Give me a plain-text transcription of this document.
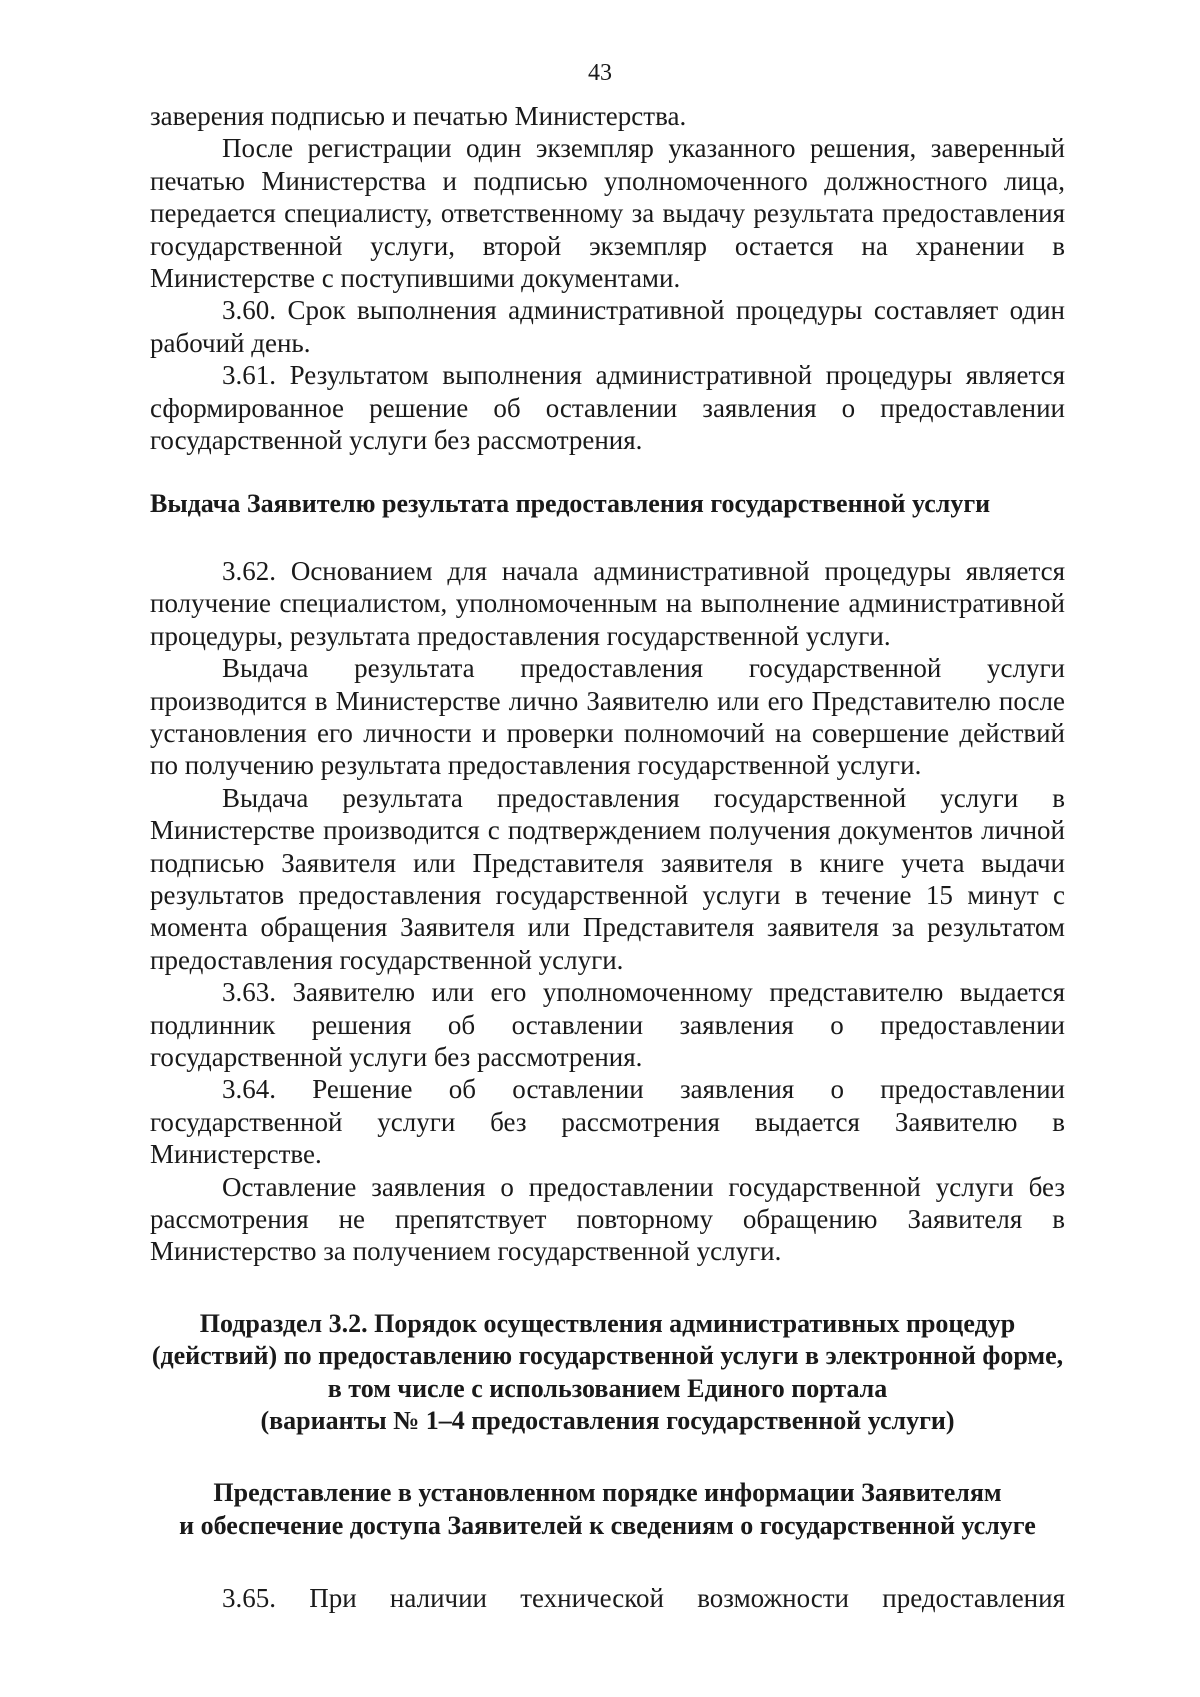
43

заверения подписью и печатью Министерства.

После регистрации один экземпляр указанного решения, заверенный печатью Министерства и подписью уполномоченного должностного лица, передается специалисту, ответственному за выдачу результата предоставления государственной услуги, второй экземпляр остается на хранении в Министерстве с поступившими документами.

3.60. Срок выполнения административной процедуры составляет один рабочий день.

3.61. Результатом выполнения административной процедуры является сформированное решение об оставлении заявления о предоставлении государственной услуги без рассмотрения.

Выдача Заявителю результата предоставления государственной услуги

3.62. Основанием для начала административной процедуры является получение специалистом, уполномоченным на выполнение административной процедуры, результата предоставления государственной услуги.

Выдача результата предоставления государственной услуги производится в Министерстве лично Заявителю или его Представителю после установления его личности и проверки полномочий на совершение действий по получению результата предоставления государственной услуги.

Выдача результата предоставления государственной услуги в Министерстве производится с подтверждением получения документов личной подписью Заявителя или Представителя заявителя в книге учета выдачи результатов предоставления государственной услуги в течение 15 минут с момента обращения Заявителя или Представителя заявителя за результатом предоставления государственной услуги.

3.63. Заявителю или его уполномоченному представителю выдается подлинник решения об оставлении заявления о предоставлении государственной услуги без рассмотрения.

3.64. Решение об оставлении заявления о предоставлении государственной услуги без рассмотрения выдается Заявителю в Министерстве.

Оставление заявления о предоставлении государственной услуги без рассмотрения не препятствует повторному обращению Заявителя в Министерство за получением государственной услуги.

Подраздел 3.2. Порядок осуществления административных процедур
(действий) по предоставлению государственной услуги в электронной форме,
в том числе с использованием Единого портала
(варианты № 1–4 предоставления государственной услуги)
Представление в установленном порядке информации Заявителям
и обеспечение доступа Заявителей к сведениям о государственной услуге

3.65. При наличии технической возможности предоставления
